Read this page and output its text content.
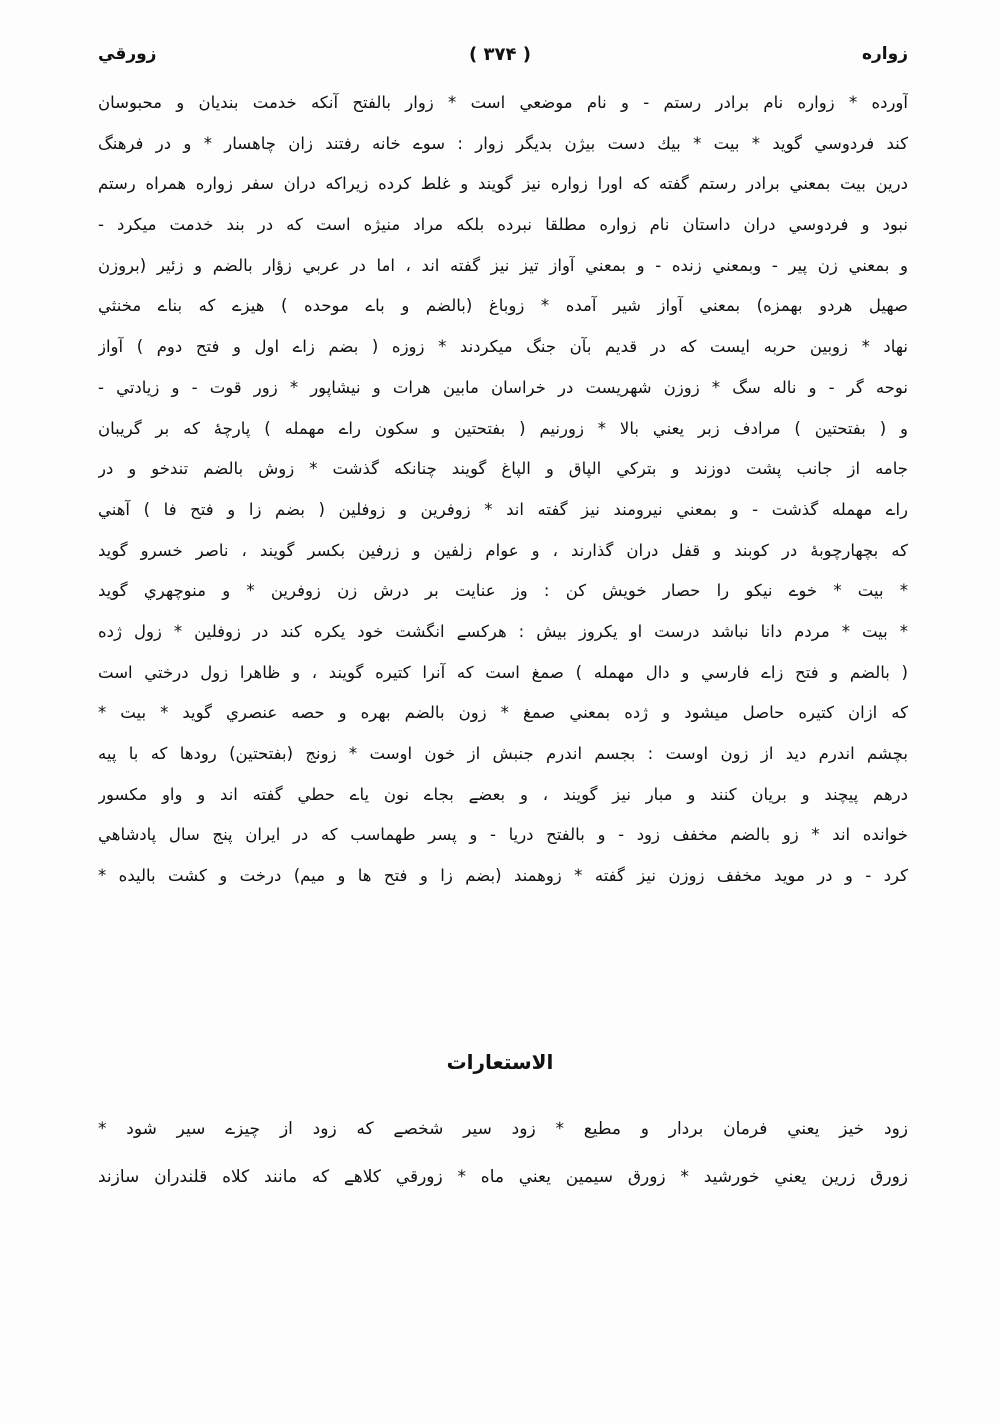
زواره
( ۳۷۴ )
زورقي
آورده * زواره نام برادر رستم - و نام موضعي است * زوار بالفتح آنكه خدمت بنديان و محبوسان
كند فردوسي گويد * بيت * بيك دست بيژن بديگر زوار : سوے خانه رفتند زان چاهسار * و در فرهنگ
درين بيت بمعني برادر رستم گفته كه اورا زواره نيز گويند و غلط كرده زيراكه دران سفر زواره همراه رستم
نبود و فردوسي دران داستان نام زواره مطلقا نبرده بلكه مراد منيژه است كه در بند خدمت ميكرد -
و بمعني زن پير - وبمعني زنده - و بمعني آواز تيز نيز گفته اند ، اما در عربي زؤار بالضم و زئير (بروزن
صهيل هردو بهمزه) بمعني آواز شير آمده * زوباغ (بالضم و باے موحده ) هيزے كه بناے مخنثي
نهاد * زوبين حربه ايست كه در قديم بآن جنگ ميكردند * زوزه ( بضم زاے اول و فتح دوم ) آواز
نوحه گر - و ناله سگ * زوزن شهريست در خراسان مابين هرات و نيشاپور * زور قوت - و زيادتي -
و ( بفتحتين ) مرادف زبر يعني بالا * زورنيم ( بفتحتين و سكون راے مهمله ) پارچۀ كه بر گريبان
جامه از جانب پشت دوزند و بتركي الپاق و الپاغ گويند چنانكه گذشت * زوش بالضم تندخو و در
راے مهمله گذشت - و بمعني نيرومند نيز گفته اند * زوفرين و زوفلين ( بضم زا و فتح فا ) آهني
كه بچهارچوبۀ در كوبند و قفل دران گذارند ، و عوام زلفين و زرفين بكسر گويند ، ناصر خسرو گويد
* بيت * خوے نيكو را حصار خويش كن : وز عنايت بر درش زن زوفرين * و منوچهري گويد
* بيت * مردم دانا نباشد درست او يكروز بيش : هركسے انگشت خود يكره كند در زوفلين * زول ژده
( بالضم و فتح زاے فارسي و دال مهمله ) صمغ است كه آنرا كتيره گويند ، و ظاهرا زول درختي است
كه ازان كتيره حاصل ميشود و ژده بمعني صمغ * زون بالضم بهره و حصه عنصري گويد * بيت *
بچشم اندرم ديد از زون اوست : بجسم اندرم جنبش از خون اوست * زونج (بفتحتين) رودها كه با پيه
درهم پيچند و بريان كنند و مبار نيز گويند ، و بعضے بجاے نون ياے حطي گفته اند و واو مكسور
خوانده اند * زو بالضم مخفف زود - و بالفتح دريا - و پسر طهماسب كه در ايران پنج سال پادشاهي
كرد - و در مويد مخفف زوزن نيز گفته * زوهمند (بضم زا و فتح ها و ميم) درخت و كشت باليده *
الاستعارات
زود خيز يعني فرمان بردار و مطيع * زود سير شخصے كه زود از چيزے سير شود *
زورق زرين يعني خورشيد * زورق سيمين يعني ماه * زورقي كلاهے كه مانند كلاه قلندران سازند
